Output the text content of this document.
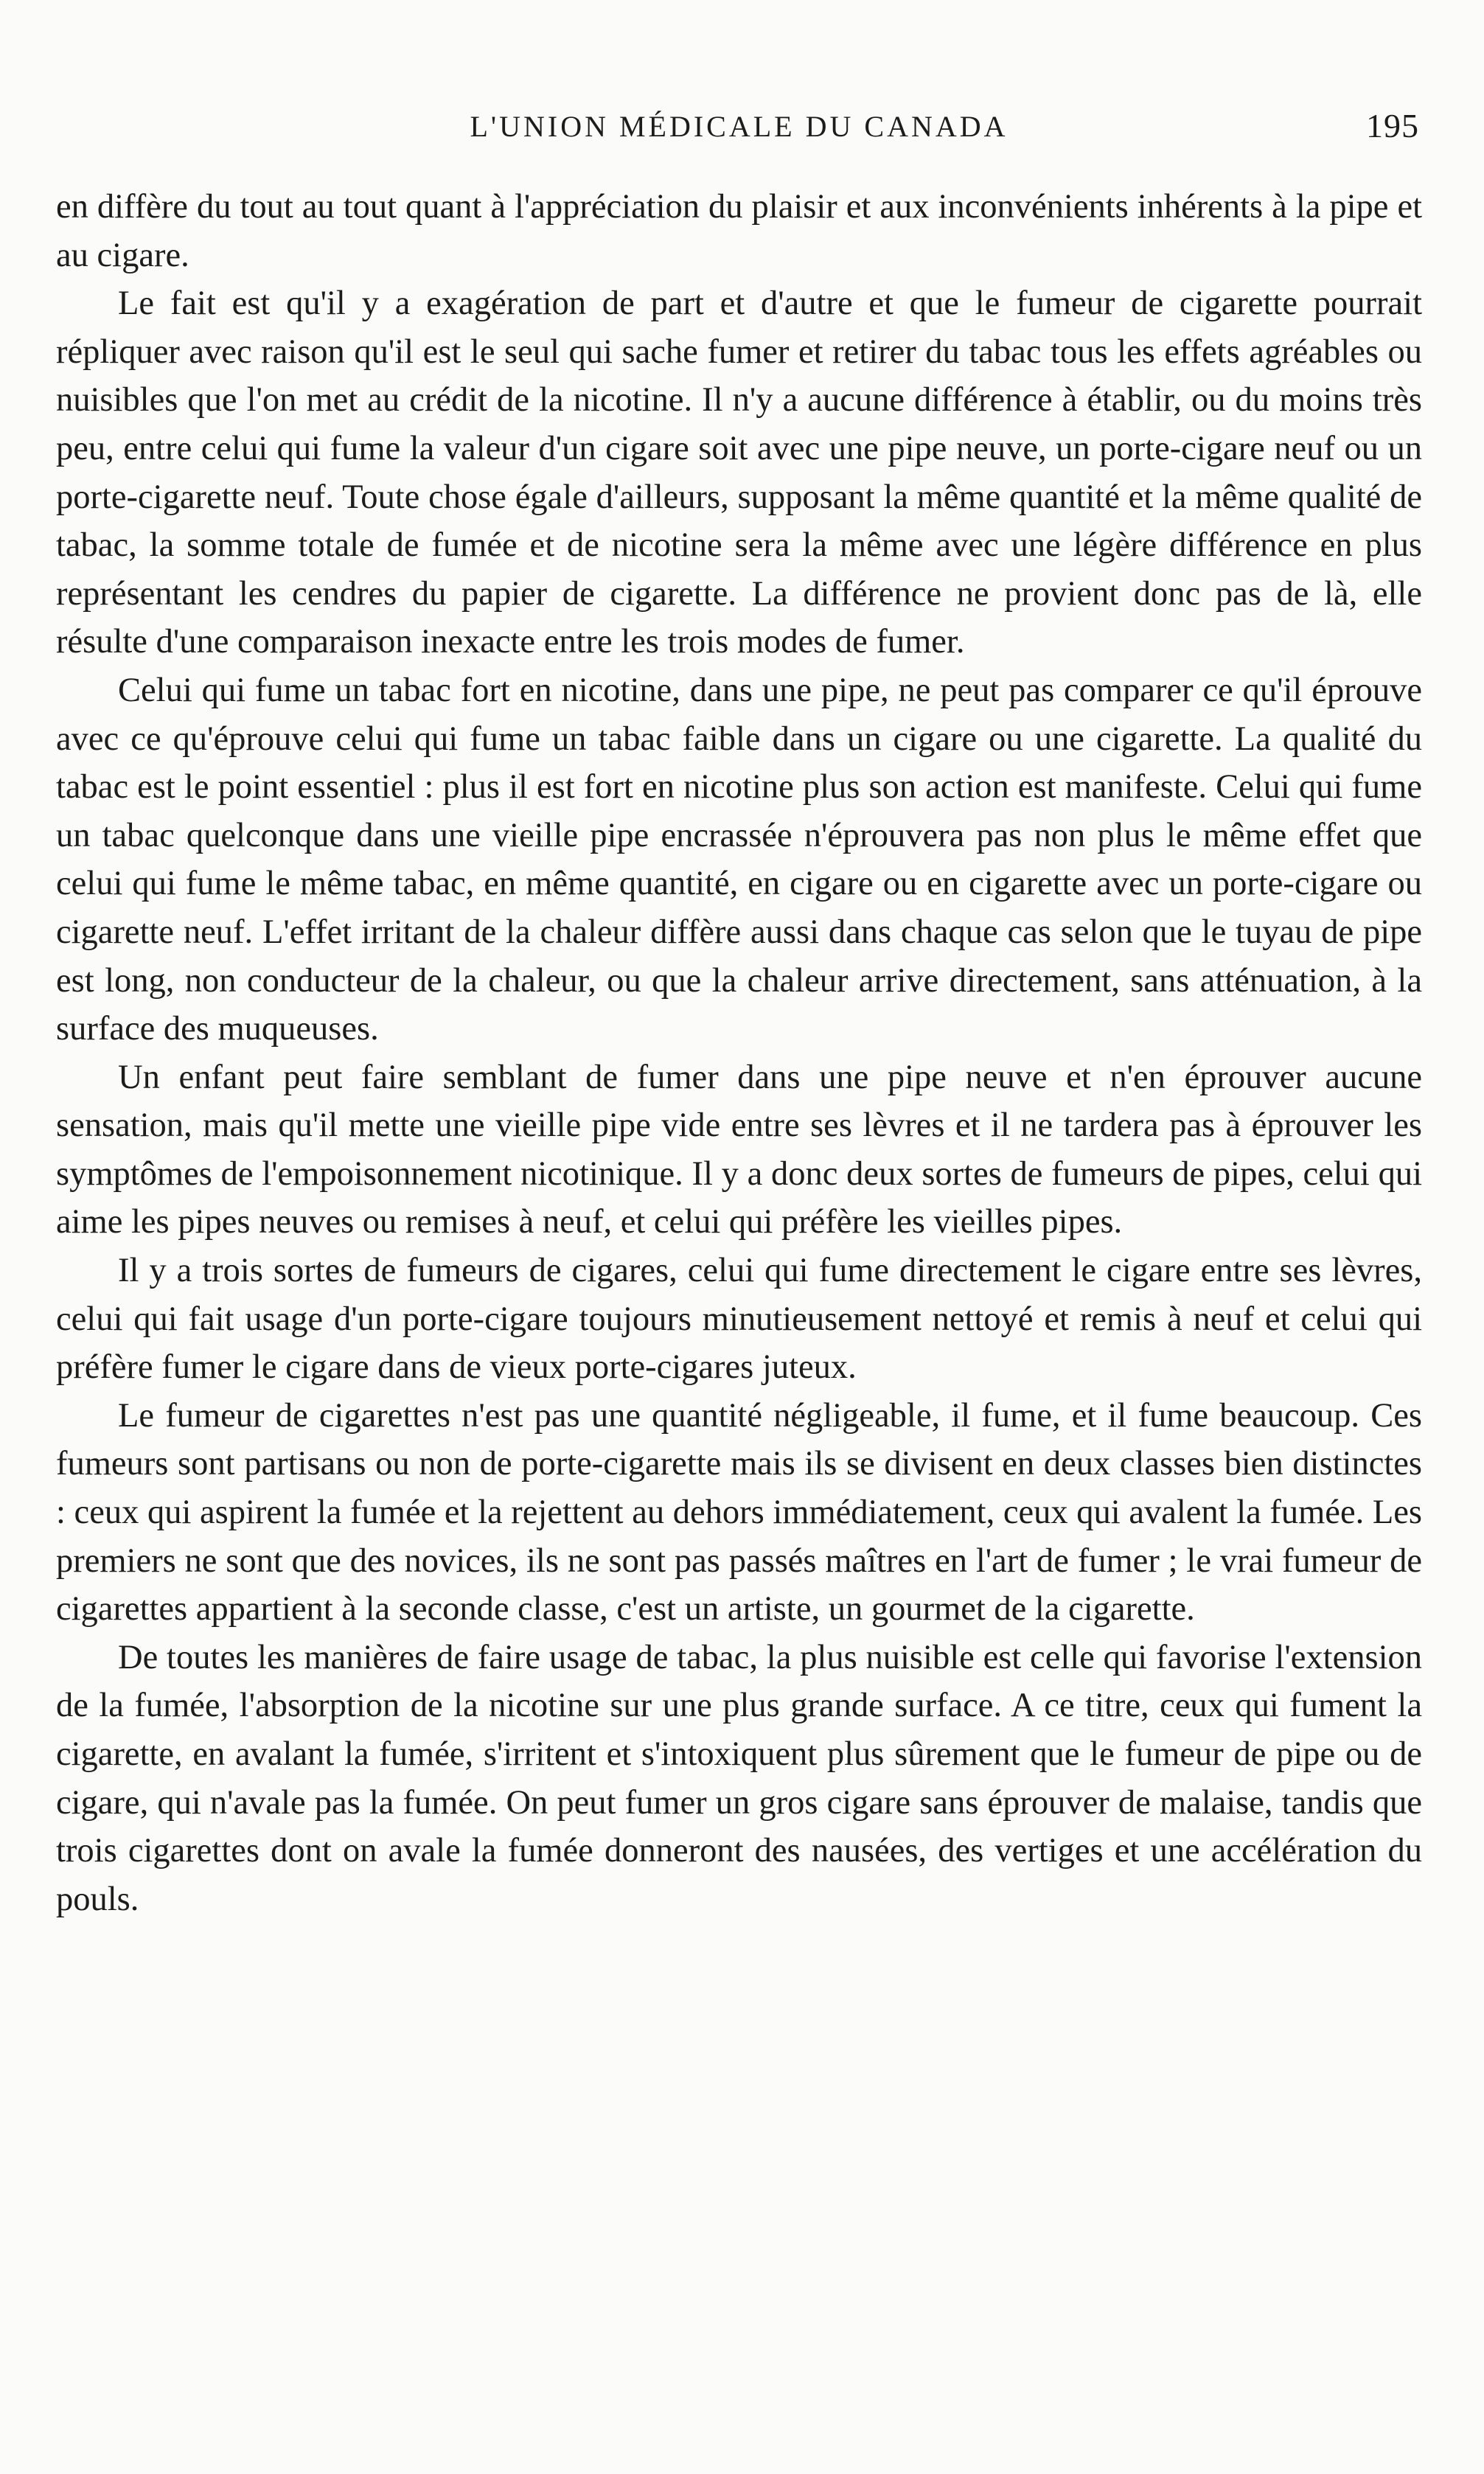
L'UNION MÉDICALE DU CANADA	195

en diffère du tout au tout quant à l'appréciation du plaisir et aux inconvénients inhérents à la pipe et au cigare.

Le fait est qu'il y a exagération de part et d'autre et que le fumeur de cigarette pourrait répliquer avec raison qu'il est le seul qui sache fumer et retirer du tabac tous les effets agréables ou nuisibles que l'on met au crédit de la nicotine. Il n'y a aucune différence à établir, ou du moins très peu, entre celui qui fume la valeur d'un cigare soit avec une pipe neuve, un porte-cigare neuf ou un porte-cigarette neuf. Toute chose égale d'ailleurs, supposant la même quantité et la même qualité de tabac, la somme totale de fumée et de nicotine sera la même avec une légère différence en plus représentant les cendres du papier de cigarette. La différence ne provient donc pas de là, elle résulte d'une comparaison inexacte entre les trois modes de fumer.

Celui qui fume un tabac fort en nicotine, dans une pipe, ne peut pas comparer ce qu'il éprouve avec ce qu'éprouve celui qui fume un tabac faible dans un cigare ou une cigarette. La qualité du tabac est le point essentiel : plus il est fort en nicotine plus son action est manifeste. Celui qui fume un tabac quelconque dans une vieille pipe encrassée n'éprouvera pas non plus le même effet que celui qui fume le même tabac, en même quantité, en cigare ou en cigarette avec un porte-cigare ou cigarette neuf. L'effet irritant de la chaleur diffère aussi dans chaque cas selon que le tuyau de pipe est long, non conducteur de la chaleur, ou que la chaleur arrive directement, sans atténuation, à la surface des muqueuses.

Un enfant peut faire semblant de fumer dans une pipe neuve et n'en éprouver aucune sensation, mais qu'il mette une vieille pipe vide entre ses lèvres et il ne tardera pas à éprouver les symptômes de l'empoisonnement nicotinique. Il y a donc deux sortes de fumeurs de pipes, celui qui aime les pipes neuves ou remises à neuf, et celui qui préfère les vieilles pipes.

Il y a trois sortes de fumeurs de cigares, celui qui fume directement le cigare entre ses lèvres, celui qui fait usage d'un porte-cigare toujours minutieusement nettoyé et remis à neuf et celui qui préfère fumer le cigare dans de vieux porte-cigares juteux.

Le fumeur de cigarettes n'est pas une quantité négligeable, il fume, et il fume beaucoup. Ces fumeurs sont partisans ou non de porte-cigarette mais ils se divisent en deux classes bien distinctes : ceux qui aspirent la fumée et la rejettent au dehors immédiatement, ceux qui avalent la fumée. Les premiers ne sont que des novices, ils ne sont pas passés maîtres en l'art de fumer ; le vrai fumeur de cigarettes appartient à la seconde classe, c'est un artiste, un gourmet de la cigarette.

De toutes les manières de faire usage de tabac, la plus nuisible est celle qui favorise l'extension de la fumée, l'absorption de la nicotine sur une plus grande surface. A ce titre, ceux qui fument la cigarette, en avalant la fumée, s'irritent et s'intoxiquent plus sûrement que le fumeur de pipe ou de cigare, qui n'avale pas la fumée. On peut fumer un gros cigare sans éprouver de malaise, tandis que trois cigarettes dont on avale la fumée donneront des nausées, des vertiges et une accélération du pouls.
